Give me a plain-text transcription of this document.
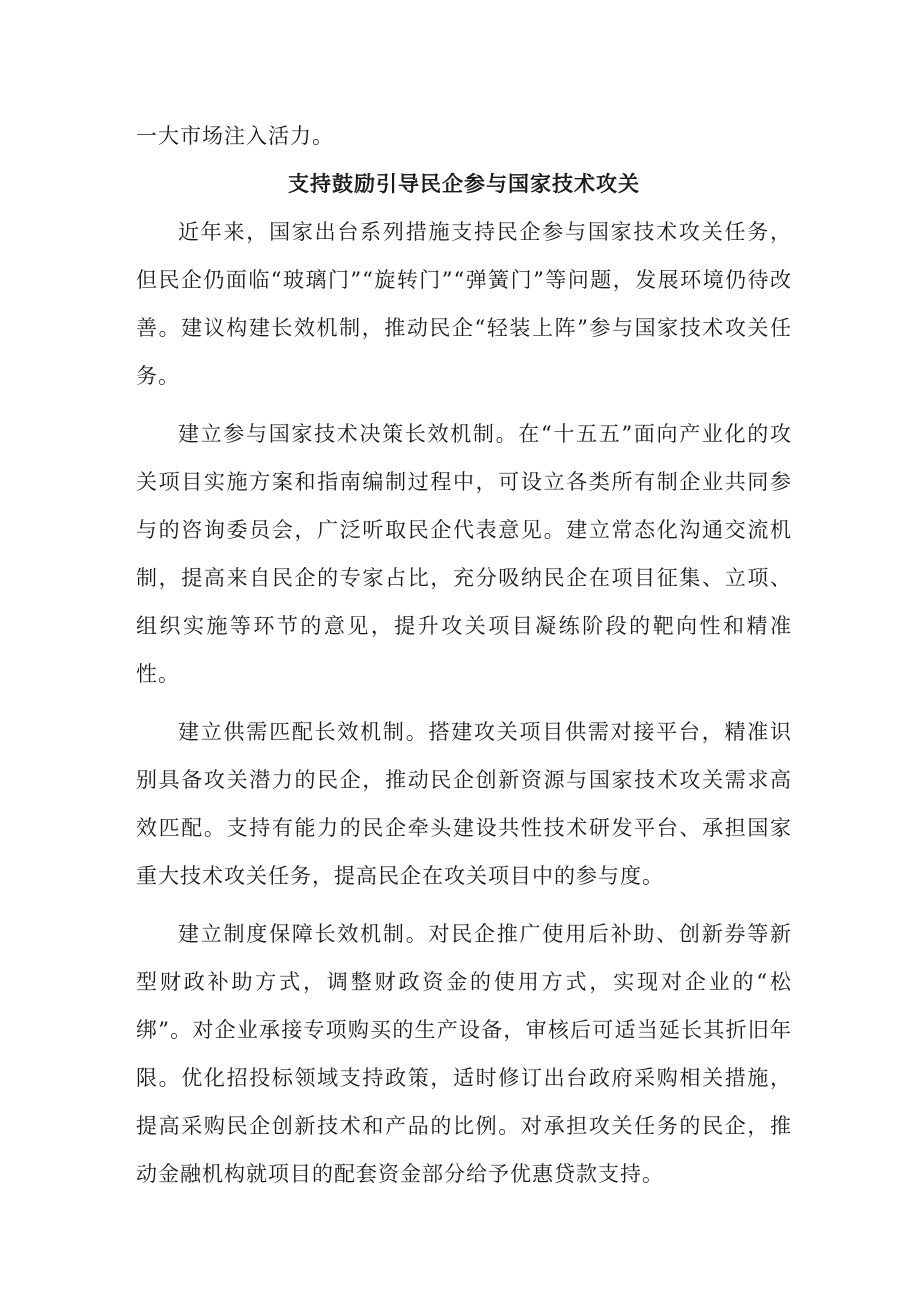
一大市场注入活力。

支持鼓励引导民企参与国家技术攻关

近年来，国家出台系列措施支持民企参与国家技术攻关任务，但民企仍面临“玻璃门”“旋转门”“弹簧门”等问题，发展环境仍待改善。建议构建长效机制，推动民企“轻装上阵”参与国家技术攻关任务。

建立参与国家技术决策长效机制。在“十五五”面向产业化的攻关项目实施方案和指南编制过程中，可设立各类所有制企业共同参与的咨询委员会，广泛听取民企代表意见。建立常态化沟通交流机制，提高来自民企的专家占比，充分吸纳民企在项目征集、立项、组织实施等环节的意见，提升攻关项目凝练阶段的靶向性和精准性。

建立供需匹配长效机制。搭建攻关项目供需对接平台，精准识别具备攻关潜力的民企，推动民企创新资源与国家技术攻关需求高效匹配。支持有能力的民企牵头建设共性技术研发平台、承担国家重大技术攻关任务，提高民企在攻关项目中的参与度。

建立制度保障长效机制。对民企推广使用后补助、创新券等新型财政补助方式，调整财政资金的使用方式，实现对企业的“松绑”。对企业承接专项购买的生产设备，审核后可适当延长其折旧年限。优化招投标领域支持政策，适时修订出台政府采购相关措施，提高采购民企创新技术和产品的比例。对承担攻关任务的民企，推动金融机构就项目的配套资金部分给予优惠贷款支持。
